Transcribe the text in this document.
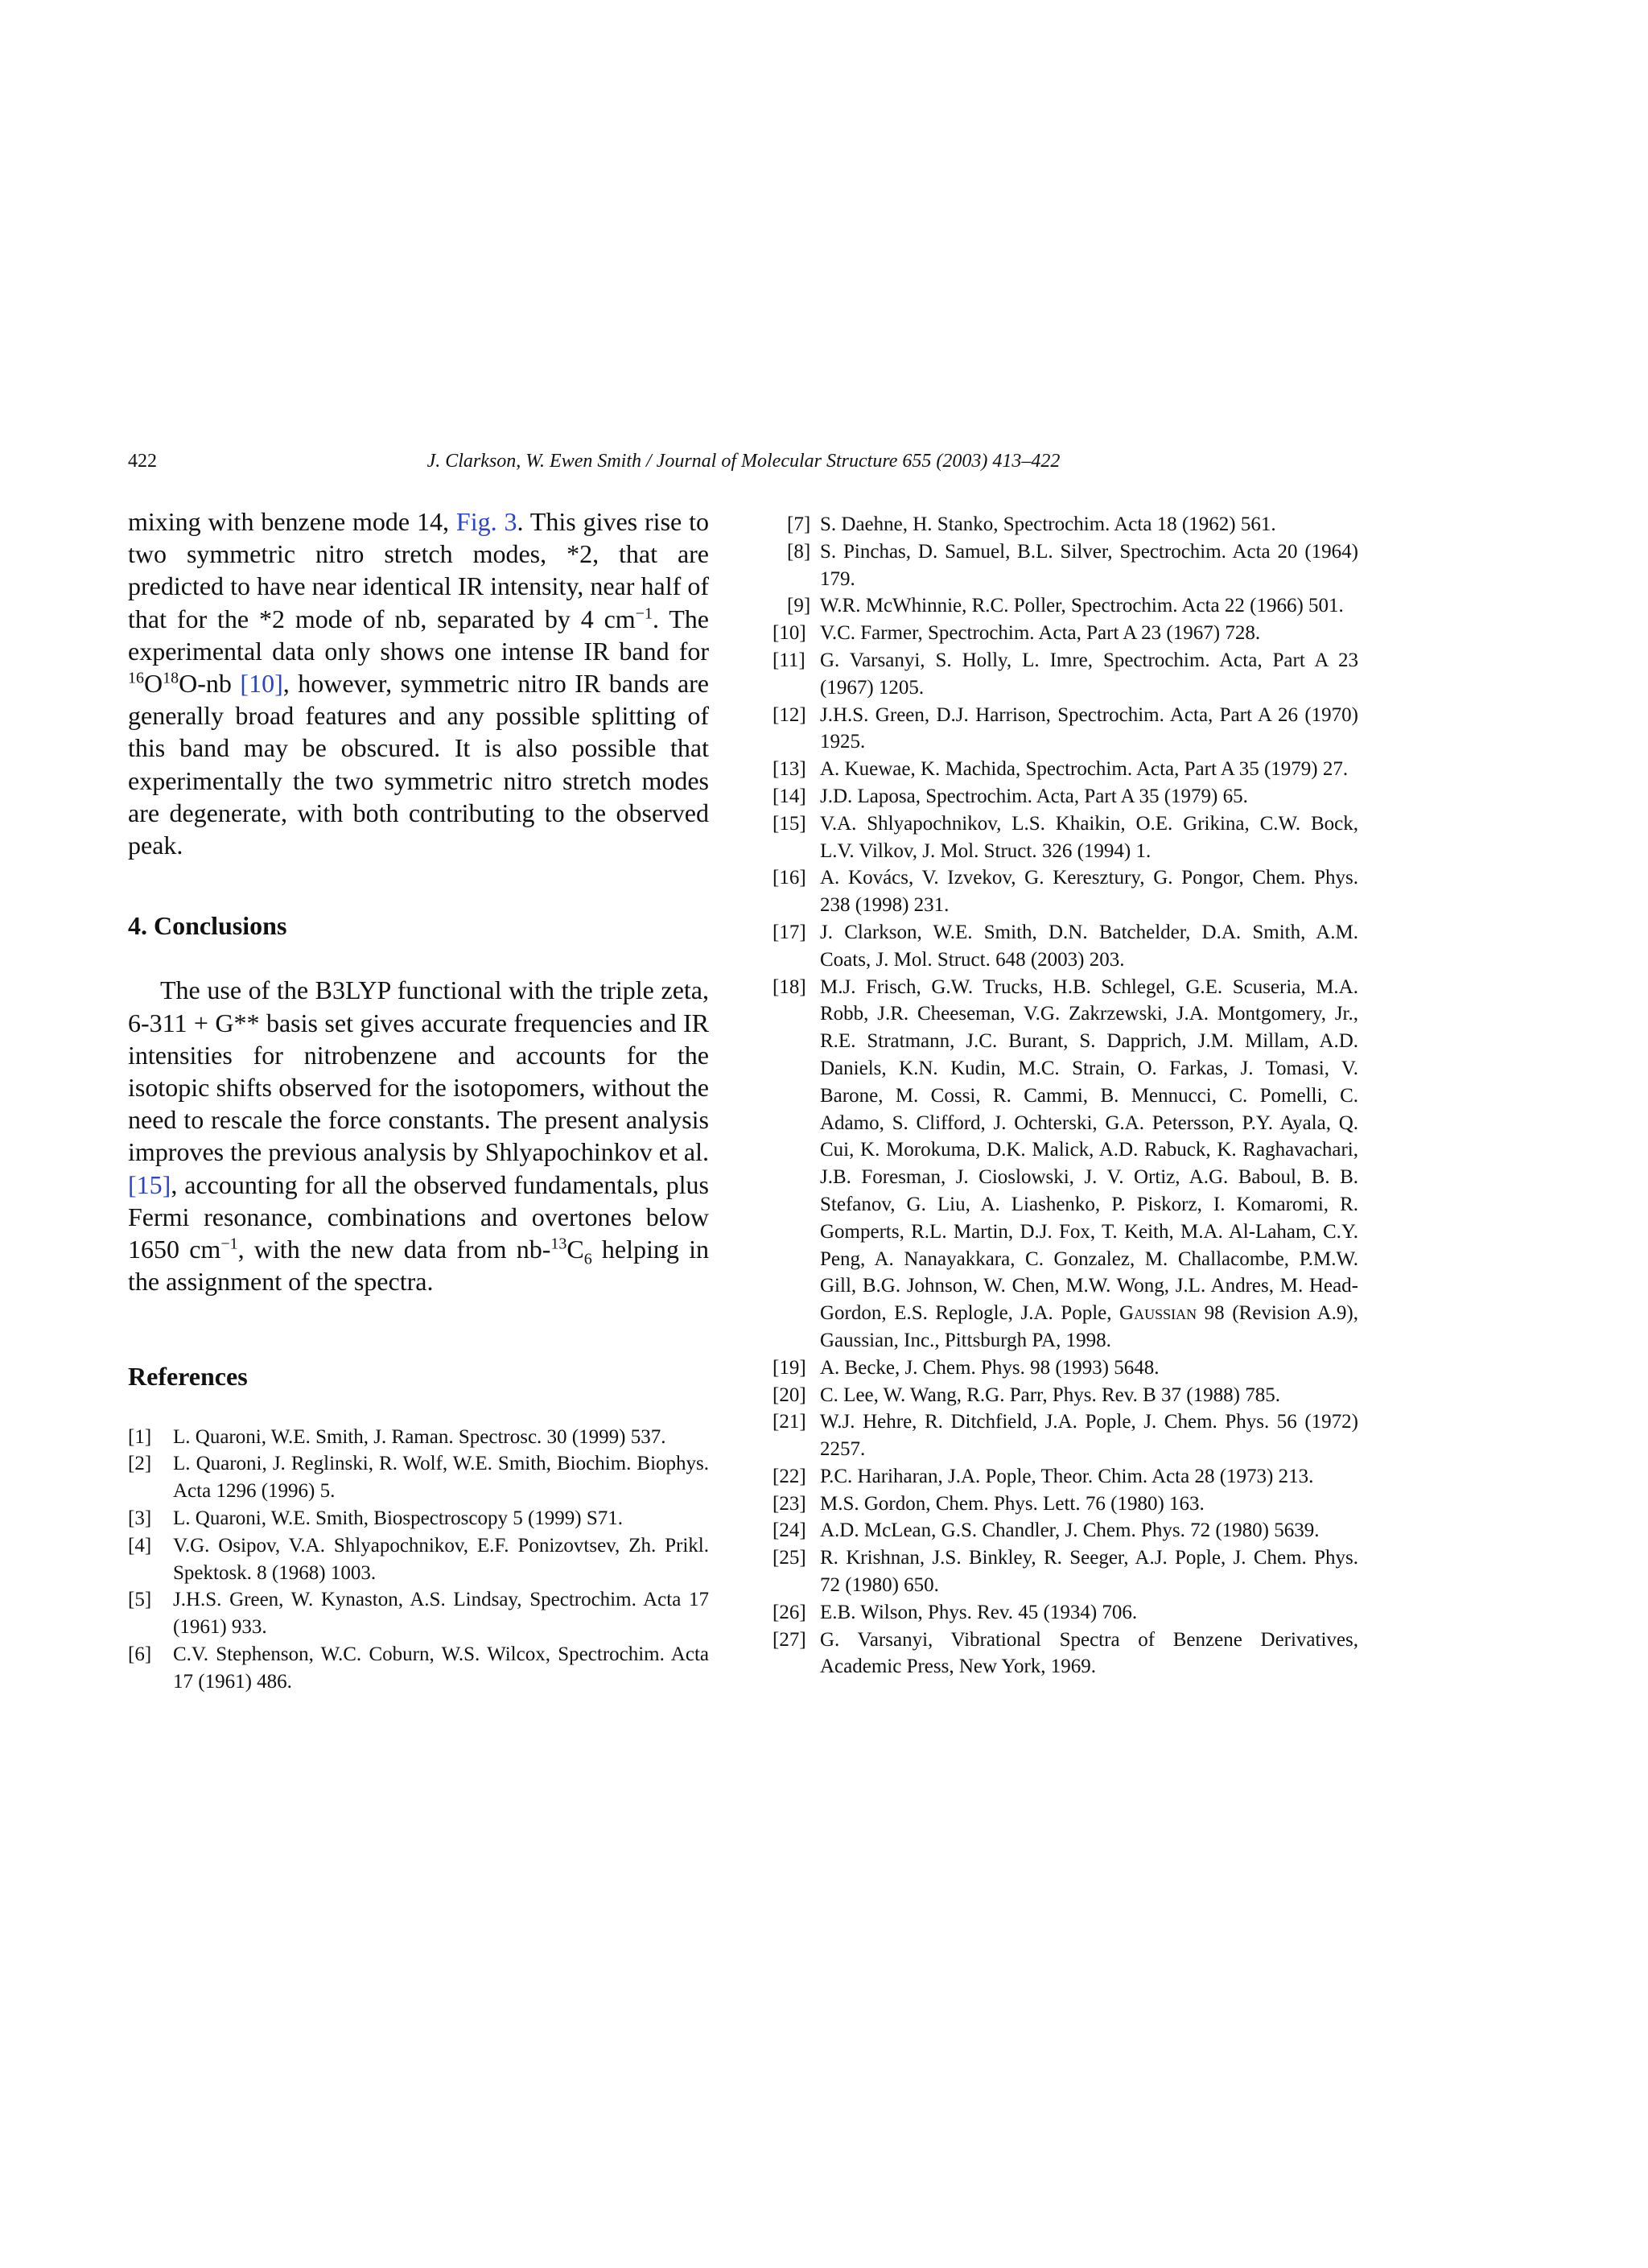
422	J. Clarkson, W. Ewen Smith / Journal of Molecular Structure 655 (2003) 413–422

mixing with benzene mode 14, Fig. 3. This gives rise to two symmetric nitro stretch modes, *2, that are predicted to have near identical IR intensity, near half of that for the *2 mode of nb, separated by 4 $cm^{-1}$. The experimental data only shows one intense IR band for $^{16}O^{18}O-nb$ [10], however, symmetric nitro IR bands are generally broad features and any possible splitting of this band may be obscured. It is also possible that experimentally the two symmetric nitro stretch modes are degenerate, with both contributing to the observed peak.

4. Conclusions

The use of the B3LYP functional with the triple zeta, 6-311 + G** basis set gives accurate frequencies and IR intensities for nitrobenzene and accounts for the isotopic shifts observed for the isotopomers, without the need to rescale the force constants. The present analysis improves the previous analysis by Shlyapochinkov et al. [15], accounting for all the observed fundamentals, plus Fermi resonance, combinations and overtones below 1650 $cm^{-1}$, with the new data from $nb-^{13}C_6$ helping in the assignment of the spectra.

References
[1] L. Quaroni, W.E. Smith, J. Raman. Spectrosc. 30 (1999) 537.
[2] L. Quaroni, J. Reglinski, R. Wolf, W.E. Smith, Biochim. Biophys. Acta 1296 (1996) 5.
[3] L. Quaroni, W.E. Smith, Biospectroscopy 5 (1999) S71.
[4] V.G. Osipov, V.A. Shlyapochnikov, E.F. Ponizovtsev, Zh. Prikl. Spektosk. 8 (1968) 1003.
[5] J.H.S. Green, W. Kynaston, A.S. Lindsay, Spectrochim. Acta 17 (1961) 933.
[6] C.V. Stephenson, W.C. Coburn, W.S. Wilcox, Spectrochim. Acta 17 (1961) 486.
[7] S. Daehne, H. Stanko, Spectrochim. Acta 18 (1962) 561.
[8] S. Pinchas, D. Samuel, B.L. Silver, Spectrochim. Acta 20 (1964) 179.
[9] W.R. McWhinnie, R.C. Poller, Spectrochim. Acta 22 (1966) 501.
[10] V.C. Farmer, Spectrochim. Acta, Part A 23 (1967) 728.
[11] G. Varsanyi, S. Holly, L. Imre, Spectrochim. Acta, Part A 23 (1967) 1205.
[12] J.H.S. Green, D.J. Harrison, Spectrochim. Acta, Part A 26 (1970) 1925.
[13] A. Kuewae, K. Machida, Spectrochim. Acta, Part A 35 (1979) 27.
[14] J.D. Laposa, Spectrochim. Acta, Part A 35 (1979) 65.
[15] V.A. Shlyapochnikov, L.S. Khaikin, O.E. Grikina, C.W. Bock, L.V. Vilkov, J. Mol. Struct. 326 (1994) 1.
[16] A. Kovács, V. Izvekov, G. Keresztury, G. Pongor, Chem. Phys. 238 (1998) 231.
[17] J. Clarkson, W.E. Smith, D.N. Batchelder, D.A. Smith, A.M. Coats, J. Mol. Struct. 648 (2003) 203.
[18] M.J. Frisch, G.W. Trucks, H.B. Schlegel, G.E. Scuseria, M.A. Robb, J.R. Cheeseman, V.G. Zakrzewski, J.A. Montgomery, Jr., R.E. Stratmann, J.C. Burant, S. Dapprich, J.M. Millam, A.D. Daniels, K.N. Kudin, M.C. Strain, O. Farkas, J. Tomasi, V. Barone, M. Cossi, R. Cammi, B. Mennucci, C. Pomelli, C. Adamo, S. Clifford, J. Ochterski, G.A. Petersson, P.Y. Ayala, Q. Cui, K. Morokuma, D.K. Malick, A.D. Rabuck, K. Raghavachari, J.B. Foresman, J. Cioslowski, J. V. Ortiz, A.G. Baboul, B. B. Stefanov, G. Liu, A. Liashenko, P. Piskorz, I. Komaromi, R. Gomperts, R.L. Martin, D.J. Fox, T. Keith, M.A. Al-Laham, C.Y. Peng, A. Nanayakkara, C. Gonzalez, M. Challacombe, P.M.W. Gill, B.G. Johnson, W. Chen, M.W. Wong, J.L. Andres, M. Head-Gordon, E.S. Replogle, J.A. Pople, Gaussian 98 (Revision A.9), Gaussian, Inc., Pittsburgh PA, 1998.
[19] A. Becke, J. Chem. Phys. 98 (1993) 5648.
[20] C. Lee, W. Wang, R.G. Parr, Phys. Rev. B 37 (1988) 785.
[21] W.J. Hehre, R. Ditchfield, J.A. Pople, J. Chem. Phys. 56 (1972) 2257.
[22] P.C. Hariharan, J.A. Pople, Theor. Chim. Acta 28 (1973) 213.
[23] M.S. Gordon, Chem. Phys. Lett. 76 (1980) 163.
[24] A.D. McLean, G.S. Chandler, J. Chem. Phys. 72 (1980) 5639.
[25] R. Krishnan, J.S. Binkley, R. Seeger, A.J. Pople, J. Chem. Phys. 72 (1980) 650.
[26] E.B. Wilson, Phys. Rev. 45 (1934) 706.
[27] G. Varsanyi, Vibrational Spectra of Benzene Derivatives, Academic Press, New York, 1969.
